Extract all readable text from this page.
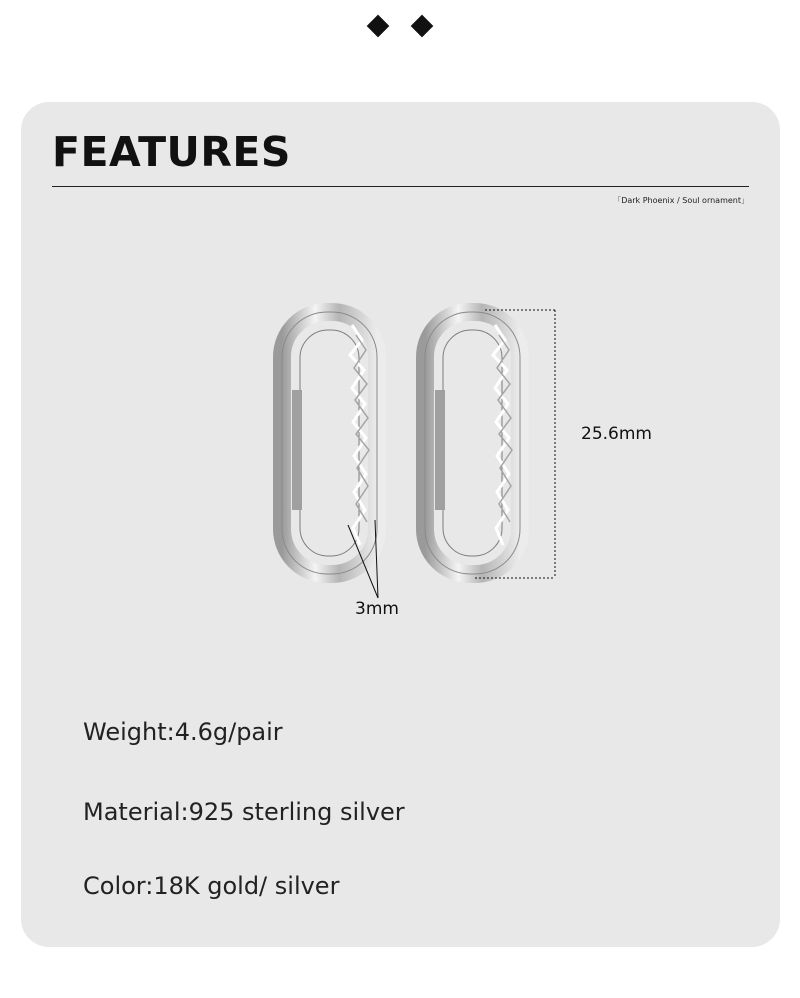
FEATURES
「Dark Phoenix / Soul ornament」
25.6mm
3mm
Weight:4.6g/pair
Material:925 sterling silver
Color:18K gold/ silver
